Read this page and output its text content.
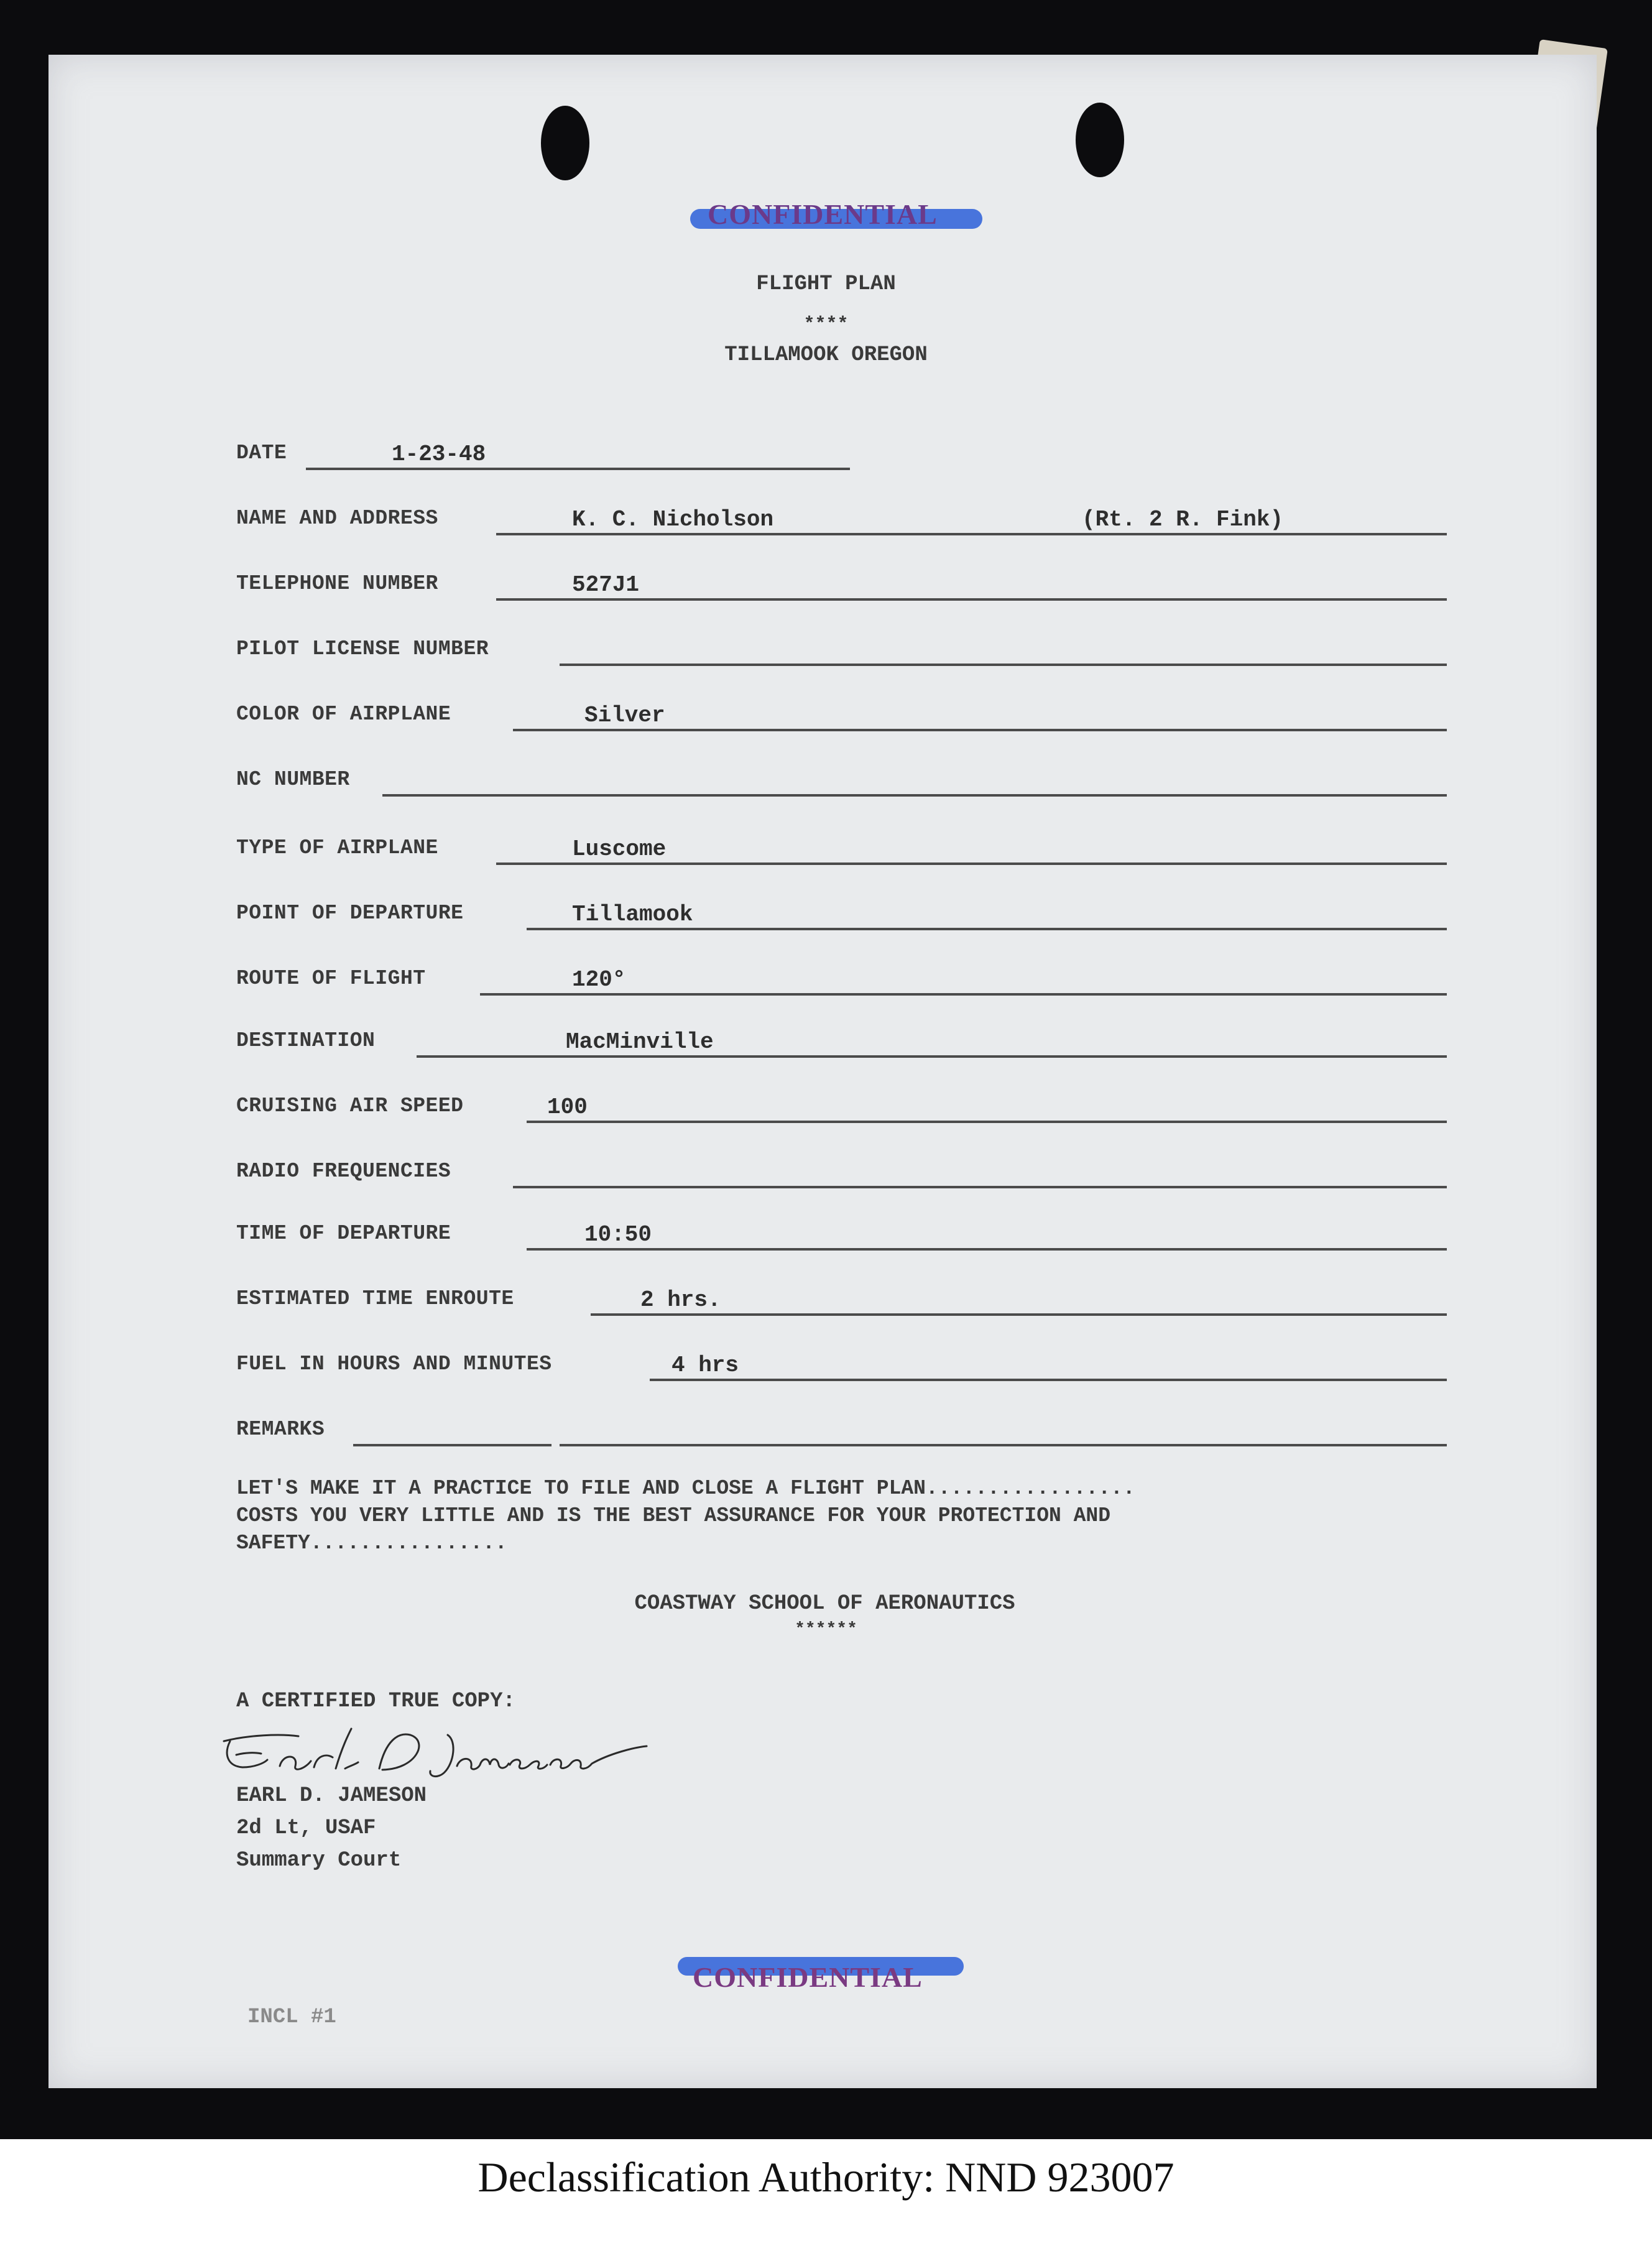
CONFIDENTIAL
FLIGHT PLAN
****
TILLAMOOK OREGON
DATE	1-23-48
NAME AND ADDRESS	K. C. Nicholson	(Rt. 2 R. Fink)
TELEPHONE NUMBER	527J1
PILOT LICENSE NUMBER
COLOR OF AIRPLANE	Silver
NC NUMBER
TYPE OF AIRPLANE	Luscome
POINT OF DEPARTURE	Tillamook
ROUTE OF FLIGHT	120°
DESTINATION	MacMinville
CRUISING AIR SPEED	100
RADIO FREQUENCIES
TIME OF DEPARTURE	10:50
ESTIMATED TIME ENROUTE	2 hrs.
FUEL IN HOURS AND MINUTES	4 hrs
REMARKS
LET'S MAKE IT A PRACTICE TO FILE AND CLOSE A FLIGHT PLAN.................
COSTS YOU VERY LITTLE AND IS THE BEST ASSURANCE FOR YOUR PROTECTION AND
SAFETY................
COASTWAY SCHOOL OF AERONAUTICS
******
A CERTIFIED TRUE COPY:
EARL D. JAMESON
2d Lt, USAF
Summary Court
CONFIDENTIAL
INCL #1
Declassification Authority: NND 923007
